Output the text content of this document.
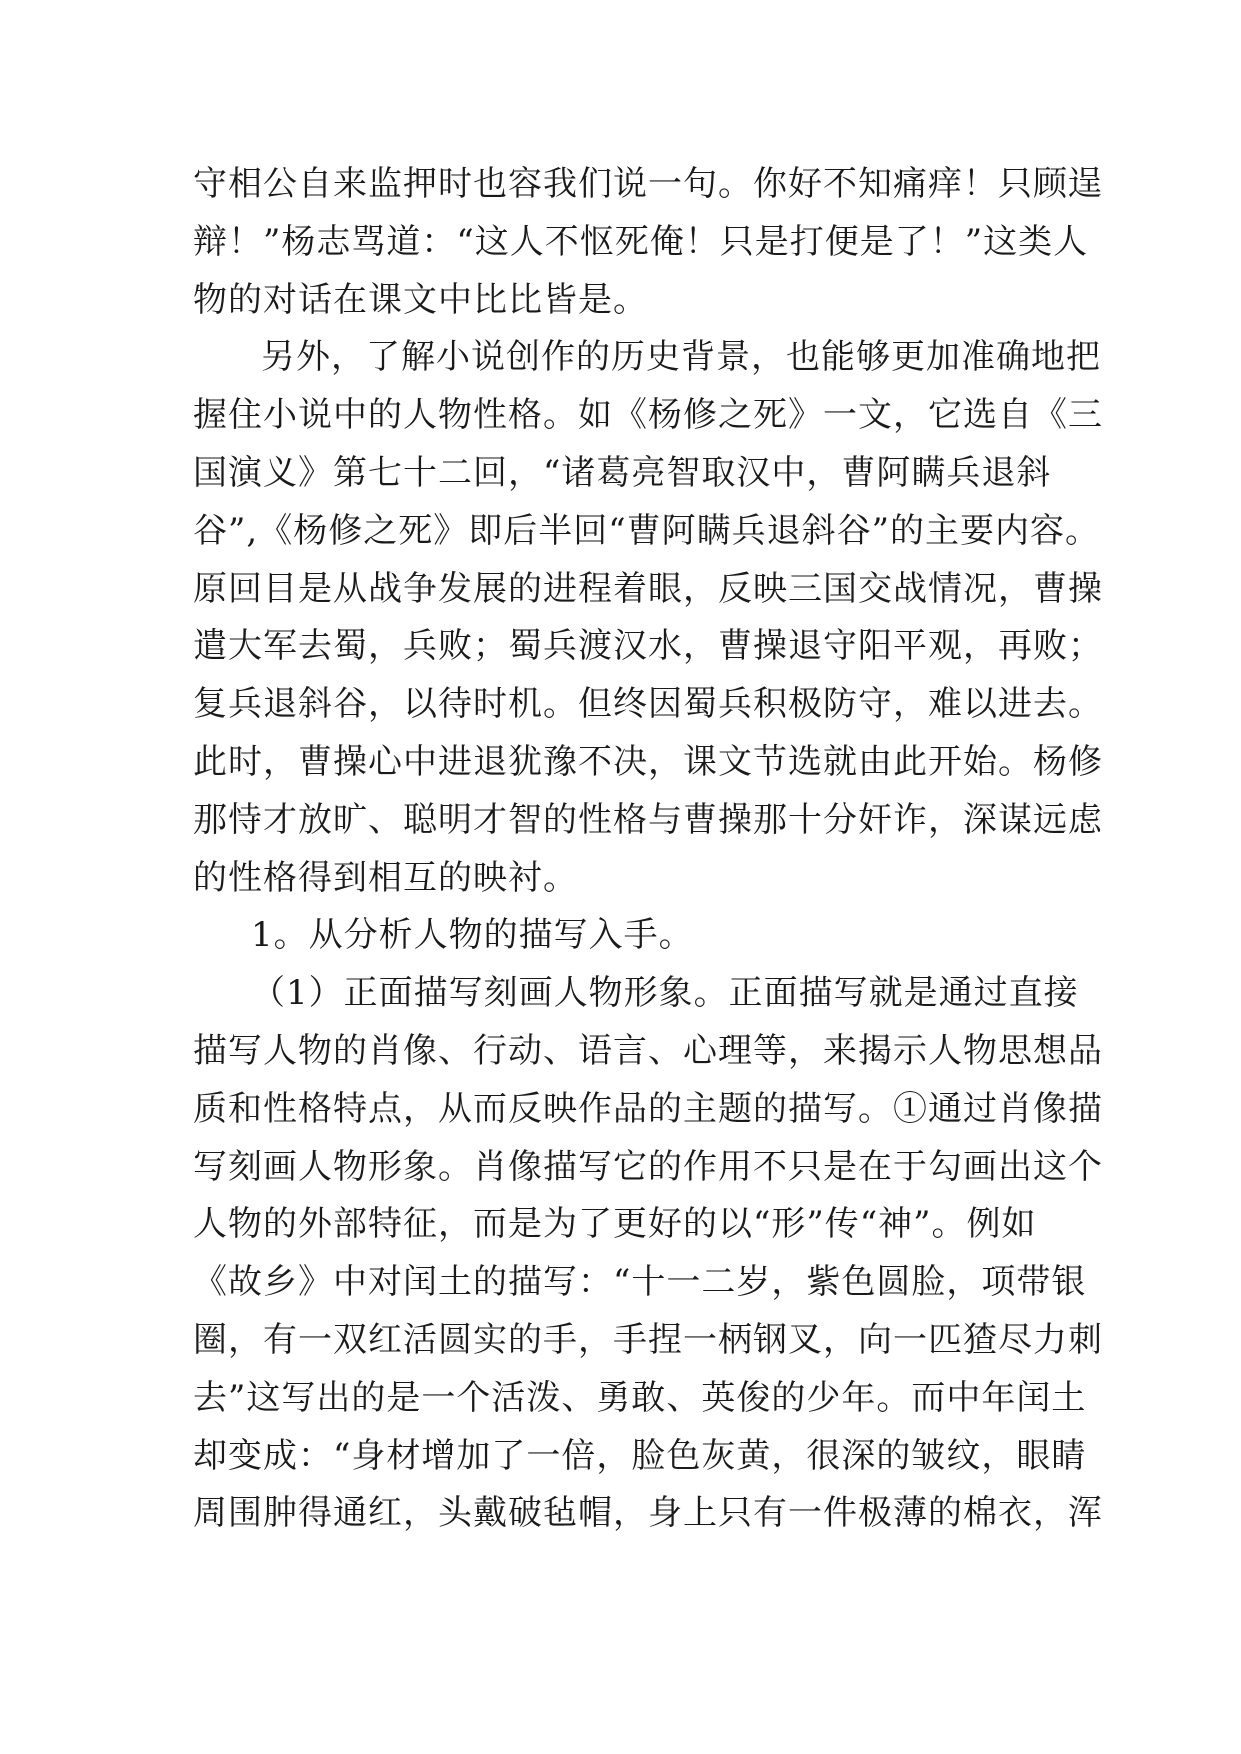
守相公自来监押时也容我们说一句。你好不知痛痒！只顾逞
辩！”杨志骂道：“这人不怄死俺！只是打便是了！”这类人
物的对话在课文中比比皆是。
另外，了解小说创作的历史背景，也能够更加准确地把
握住小说中的人物性格。如《杨修之死》一文，它选自《三
国演义》第七十二回，“诸葛亮智取汉中，曹阿瞒兵退斜
谷”,《杨修之死》即后半回“曹阿瞒兵退斜谷”的主要内容。
原回目是从战争发展的进程着眼，反映三国交战情况，曹操
遣大军去蜀，兵败；蜀兵渡汉水，曹操退守阳平观，再败；
复兵退斜谷，以待时机。但终因蜀兵积极防守，难以进去。
此时，曹操心中进退犹豫不决，课文节选就由此开始。杨修
那恃才放旷、聪明才智的性格与曹操那十分奸诈，深谋远虑
的性格得到相互的映衬。
1。从分析人物的描写入手。
（1）正面描写刻画人物形象。正面描写就是通过直接
描写人物的肖像、行动、语言、心理等，来揭示人物思想品
质和性格特点，从而反映作品的主题的描写。①通过肖像描
写刻画人物形象。肖像描写它的作用不只是在于勾画出这个
人物的外部特征，而是为了更好的以“形”传“神”。例如
《故乡》中对闰土的描写：“十一二岁，紫色圆脸，项带银
圈，有一双红活圆实的手，手捏一柄钢叉，向一匹猹尽力刺
去”这写出的是一个活泼、勇敢、英俊的少年。而中年闰土
却变成：“身材增加了一倍，脸色灰黄，很深的皱纹，眼睛
周围肿得通红，头戴破毡帽，身上只有一件极薄的棉衣，浑
